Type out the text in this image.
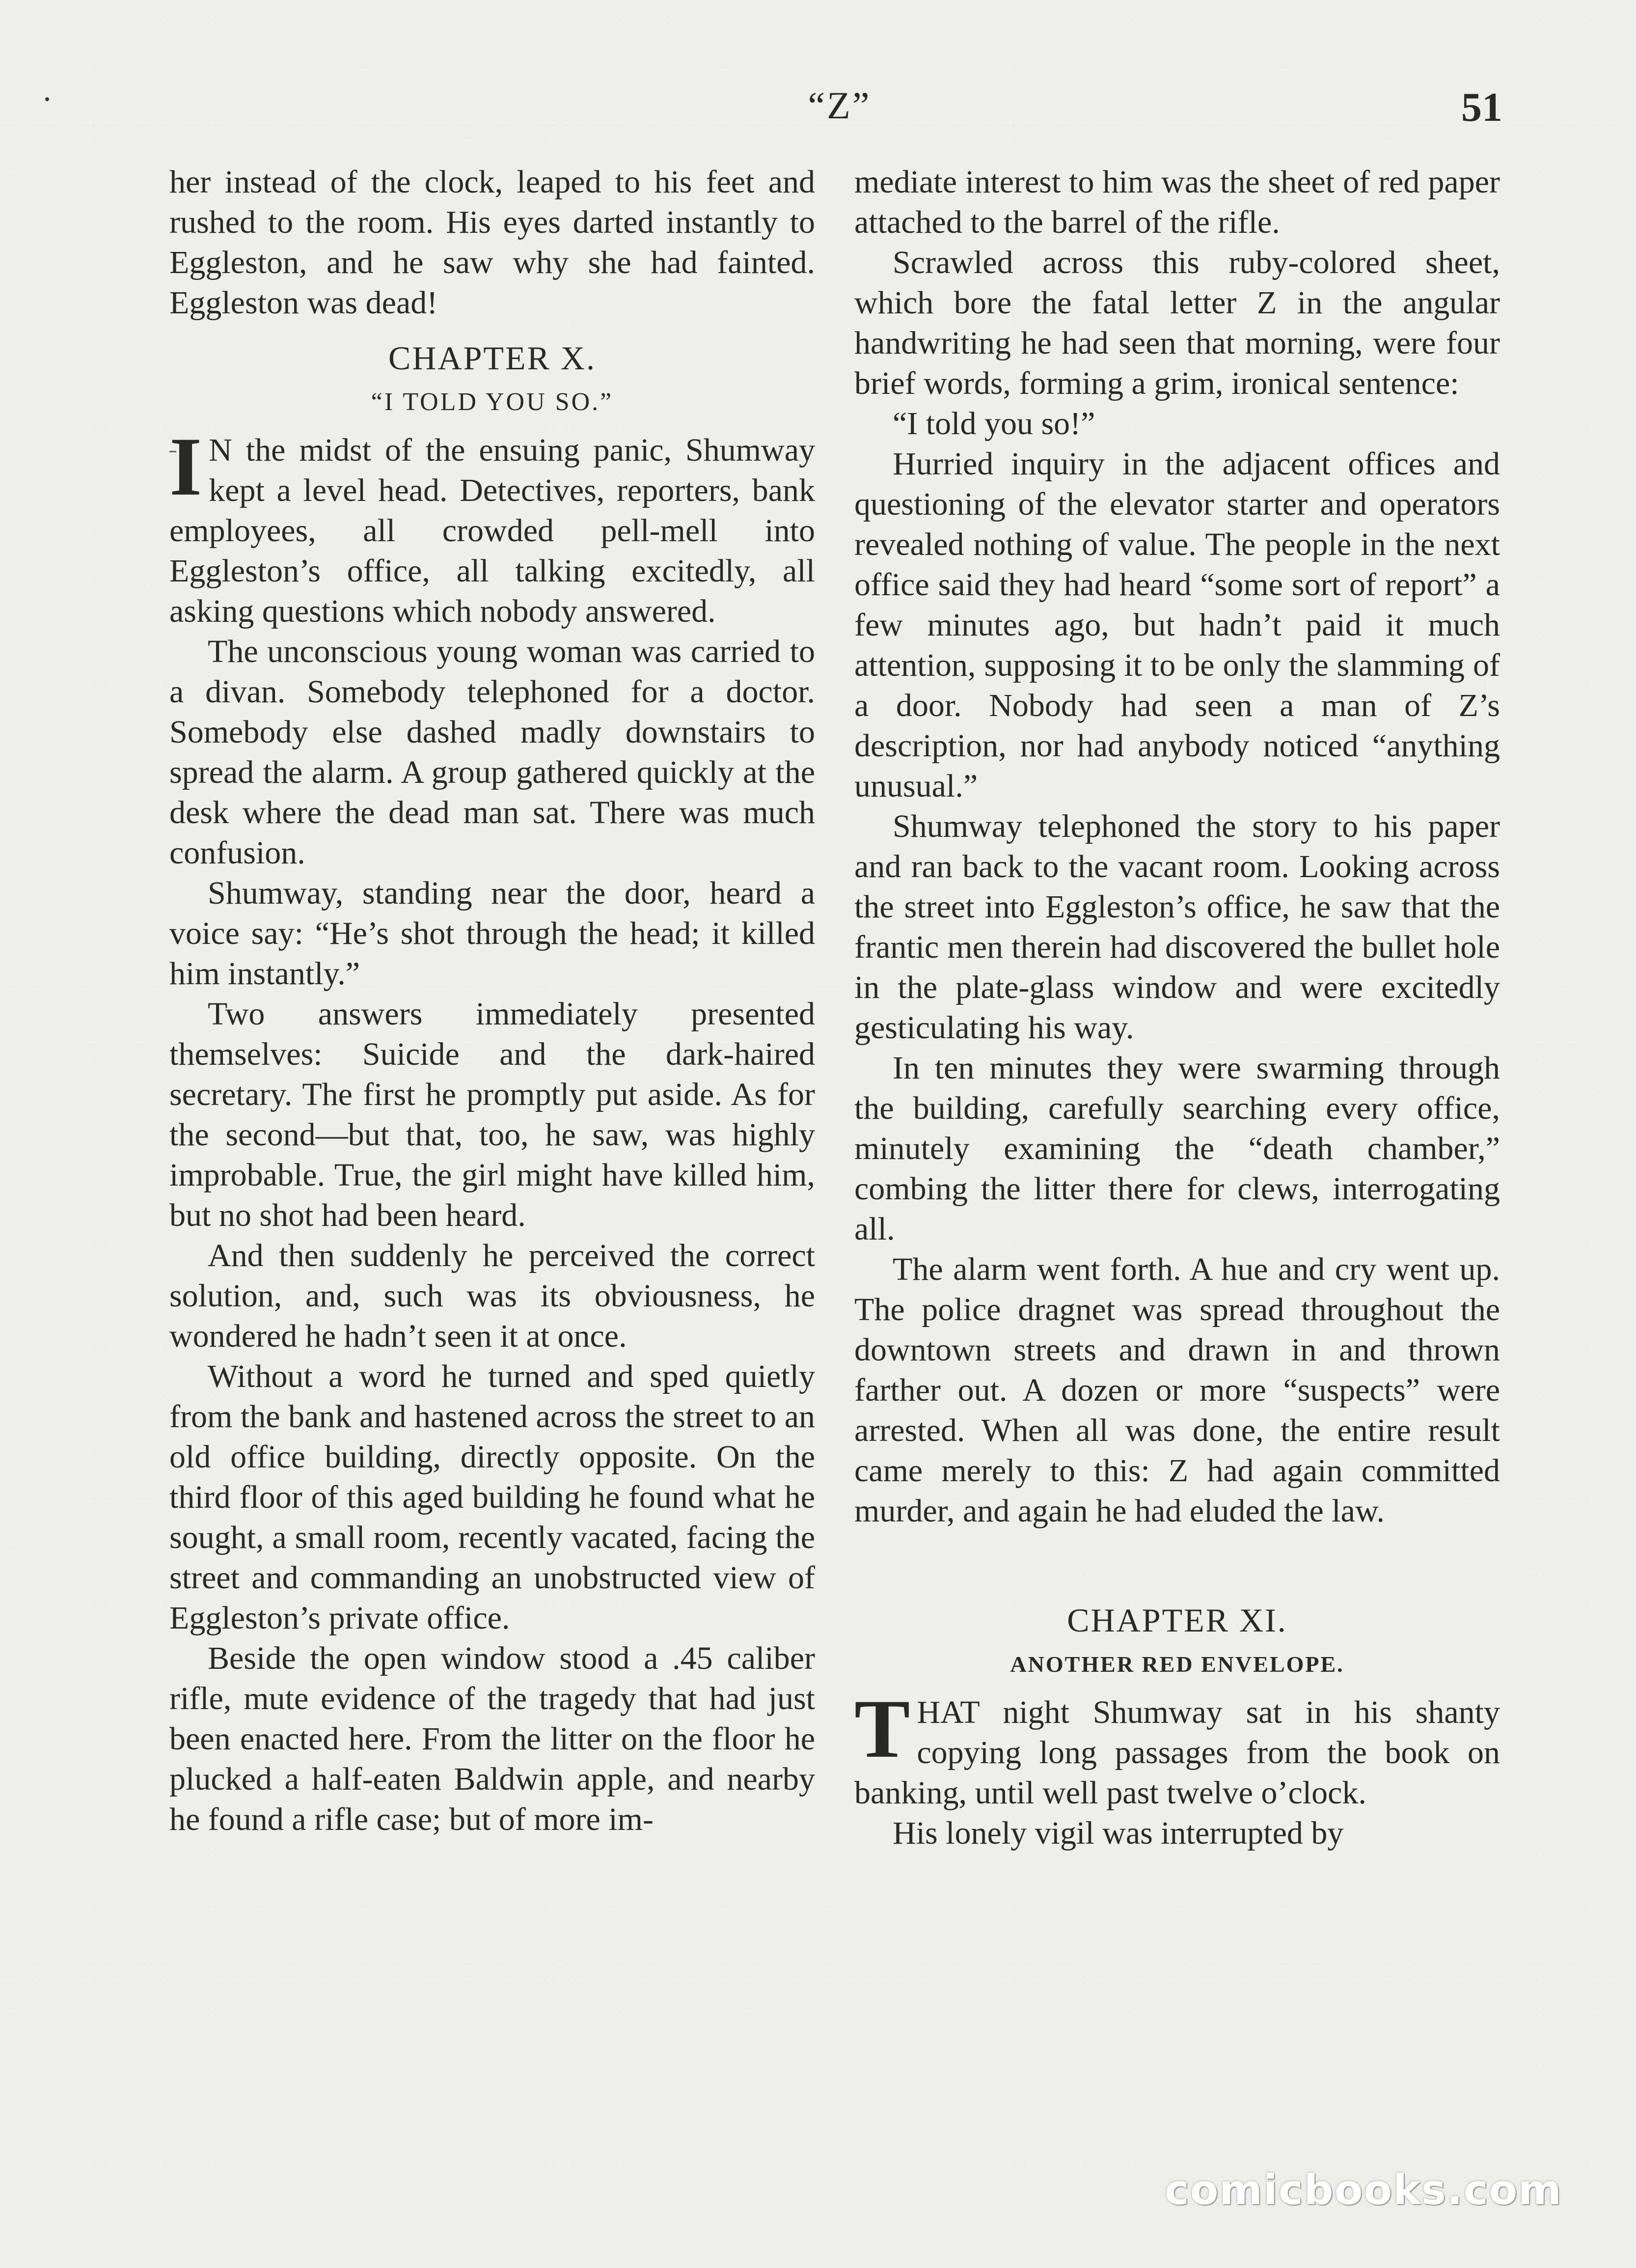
“Z”	51

her instead of the clock, leaped to his feet and rushed to the room. His eyes darted instantly to Eggleston, and he saw why she had fainted. Eggleston was dead!

CHAPTER X.
“I TOLD YOU SO.”

I N the midst of the ensuing panic, Shumway kept a level head. Detectives, reporters, bank employees, all crowded pell-mell into Eggleston’s office, all talking excitedly, all asking questions which nobody answered.

The unconscious young woman was carried to a divan. Somebody telephoned for a doctor. Somebody else dashed madly downstairs to spread the alarm. A group gathered quickly at the desk where the dead man sat. There was much confusion.

Shumway, standing near the door, heard a voice say: “He’s shot through the head; it killed him instantly.”

Two answers immediately presented themselves: Suicide and the dark-haired secretary. The first he promptly put aside. As for the second—but that, too, he saw, was highly improbable. True, the girl might have killed him, but no shot had been heard.

And then suddenly he perceived the correct solution, and, such was its obviousness, he wondered he hadn’t seen it at once.

Without a word he turned and sped quietly from the bank and hastened across the street to an old office building, directly opposite. On the third floor of this aged building he found what he sought, a small room, recently vacated, facing the street and commanding an unobstructed view of Eggleston’s private office.

Beside the open window stood a .45 caliber rifle, mute evidence of the tragedy that had just been enacted here. From the litter on the floor he plucked a half-eaten Baldwin apple, and nearby he found a rifle case; but of more im-

mediate interest to him was the sheet of red paper attached to the barrel of the rifle.

Scrawled across this ruby-colored sheet, which bore the fatal letter Z in the angular handwriting he had seen that morning, were four brief words, forming a grim, ironical sentence:

“I told you so!”

Hurried inquiry in the adjacent offices and questioning of the elevator starter and operators revealed nothing of value. The people in the next office said they had heard “some sort of report” a few minutes ago, but hadn’t paid it much attention, supposing it to be only the slamming of a door. Nobody had seen a man of Z’s description, nor had anybody noticed “anything unusual.”

Shumway telephoned the story to his paper and ran back to the vacant room. Looking across the street into Eggleston’s office, he saw that the frantic men therein had discovered the bullet hole in the plate-glass window and were excitedly gesticulating his way.

In ten minutes they were swarming through the building, carefully searching every office, minutely examining the “death chamber,” combing the litter there for clews, interrogating all.

The alarm went forth. A hue and cry went up. The police dragnet was spread throughout the downtown streets and drawn in and thrown farther out. A dozen or more “suspects” were arrested. When all was done, the entire result came merely to this: Z had again committed murder, and again he had eluded the law.

CHAPTER XI.
ANOTHER RED ENVELOPE.

THAT night Shumway sat in his shanty copying long passages from the book on banking, until well past twelve o’clock.

His lonely vigil was interrupted by

comicbooks.com
